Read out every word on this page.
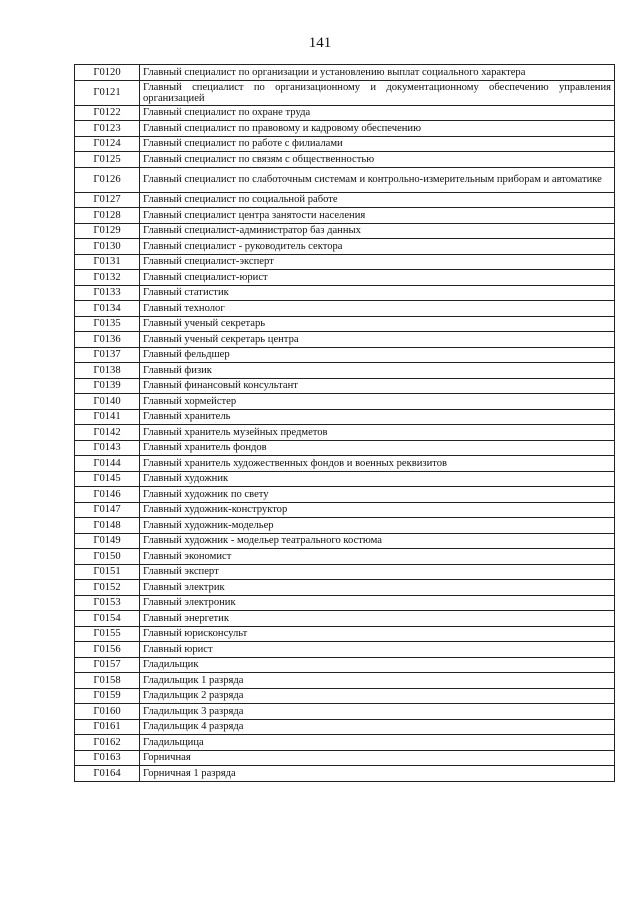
141
Г0120	Главный специалист по организации и установлению выплат социального характера
Г0121	Главный специалист по организационному и документационному обеспечению управления организацией
Г0122	Главный специалист по охране труда
Г0123	Главный специалист по правовому и кадровому обеспечению
Г0124	Главный специалист по работе с филиалами
Г0125	Главный специалист по связям с общественностью
Г0126	Главный специалист по слаботочным системам и контрольно-измерительным приборам и автоматике
Г0127	Главный специалист по социальной работе
Г0128	Главный специалист центра занятости населения
Г0129	Главный специалист-администратор баз данных
Г0130	Главный специалист - руководитель сектора
Г0131	Главный специалист-эксперт
Г0132	Главный специалист-юрист
Г0133	Главный статистик
Г0134	Главный технолог
Г0135	Главный ученый секретарь
Г0136	Главный ученый секретарь центра
Г0137	Главный фельдшер
Г0138	Главный физик
Г0139	Главный финансовый консультант
Г0140	Главный хормейстер
Г0141	Главный хранитель
Г0142	Главный хранитель музейных предметов
Г0143	Главный хранитель фондов
Г0144	Главный хранитель художественных фондов и военных реквизитов
Г0145	Главный художник
Г0146	Главный художник по свету
Г0147	Главный художник-конструктор
Г0148	Главный художник-модельер
Г0149	Главный художник - модельер театрального костюма
Г0150	Главный экономист
Г0151	Главный эксперт
Г0152	Главный электрик
Г0153	Главный электроник
Г0154	Главный энергетик
Г0155	Главный юрисконсульт
Г0156	Главный юрист
Г0157	Гладильщик
Г0158	Гладильщик 1 разряда
Г0159	Гладильщик 2 разряда
Г0160	Гладильщик 3 разряда
Г0161	Гладильщик 4 разряда
Г0162	Гладильщица
Г0163	Горничная
Г0164	Горничная 1 разряда
